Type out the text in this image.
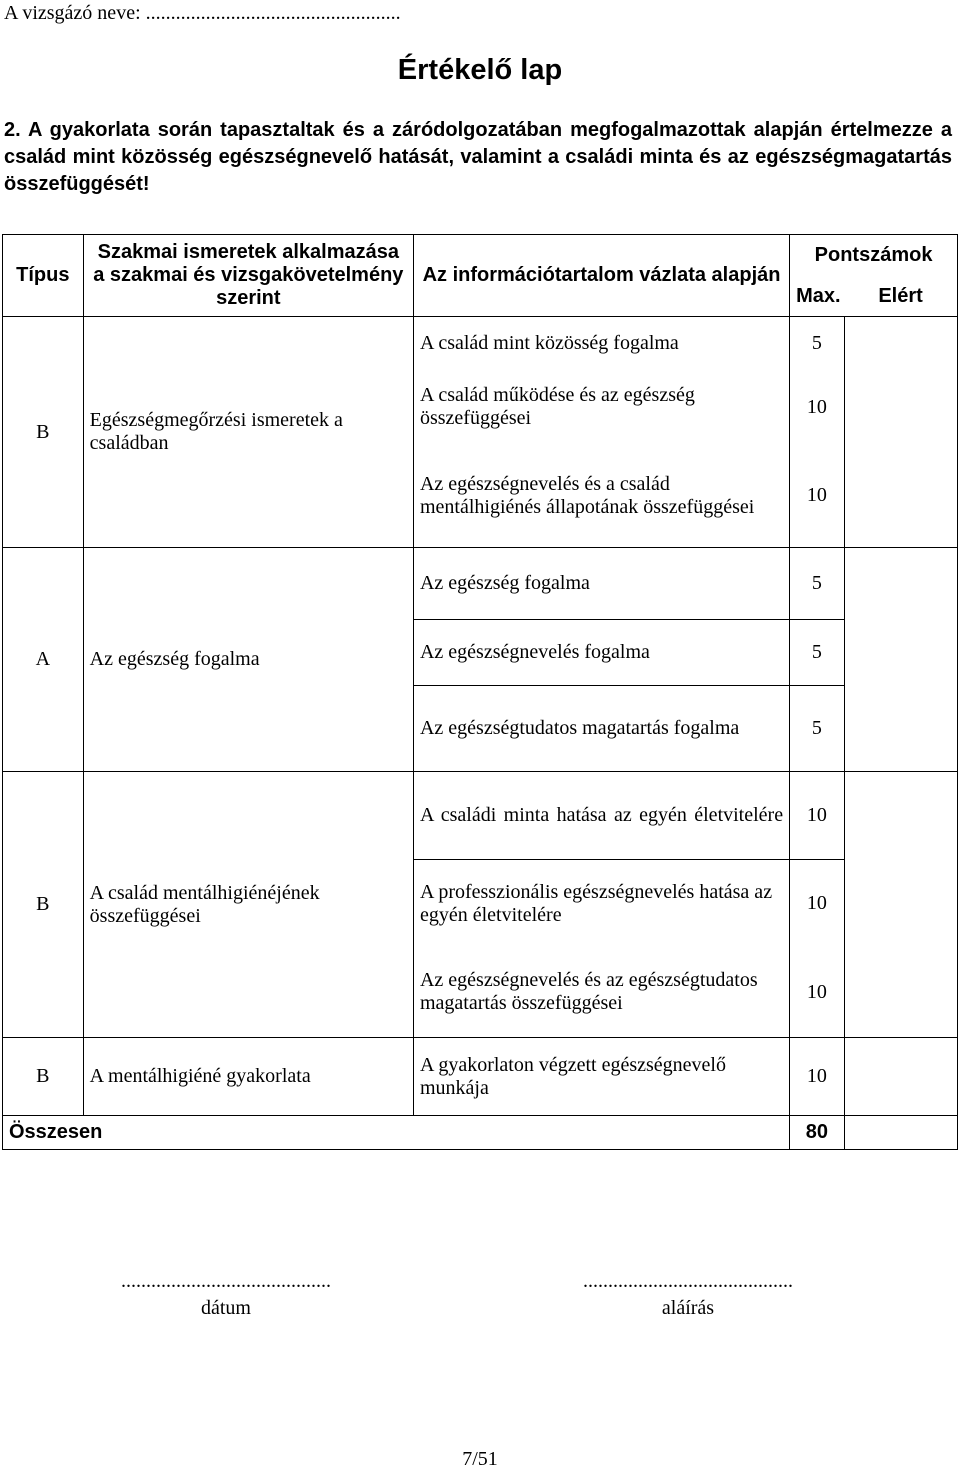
A vizsgázó neve: ...................................................
Értékelő lap
2. A gyakorlata során tapasztaltak és a záródolgozatában megfogalmazottak alapján értelmezze a család mint közösség egészségnevelő hatását, valamint a családi minta és az egészségmagatartás összefüggését!
Típus	Szakmai ismeretek alkalmazása a szakmai és vizsgakövetelmény szerint	Az információtartalom vázlata alapján	Pontszámok	
			Max.	Elért
B	Egészségmegőrzési ismeretek a családban	A család mint közösség fogalma	5	
		A család működése és az egészség összefüggései	10	
		Az egészségnevelés és a család mentálhigiénés állapotának összefüggései	10	
A	Az egészség fogalma	Az egészség fogalma	5	
		Az egészségnevelés fogalma	5	
		Az egészségtudatos magatartás fogalma	5	
B	A család mentálhigiénéjének összefüggései	A családi minta hatása az egyén életvitelére	10	
		A professzionális egészségnevelés hatása az egyén életvitelére	10	
		Az egészségnevelés és az egészségtudatos magatartás összefüggései	10	
B	A mentálhigiéné gyakorlata	A gyakorlaton végzett egészségnevelő munkája	10	
Összesen			80	
..........................................
dátum
..........................................
aláírás
7/51
